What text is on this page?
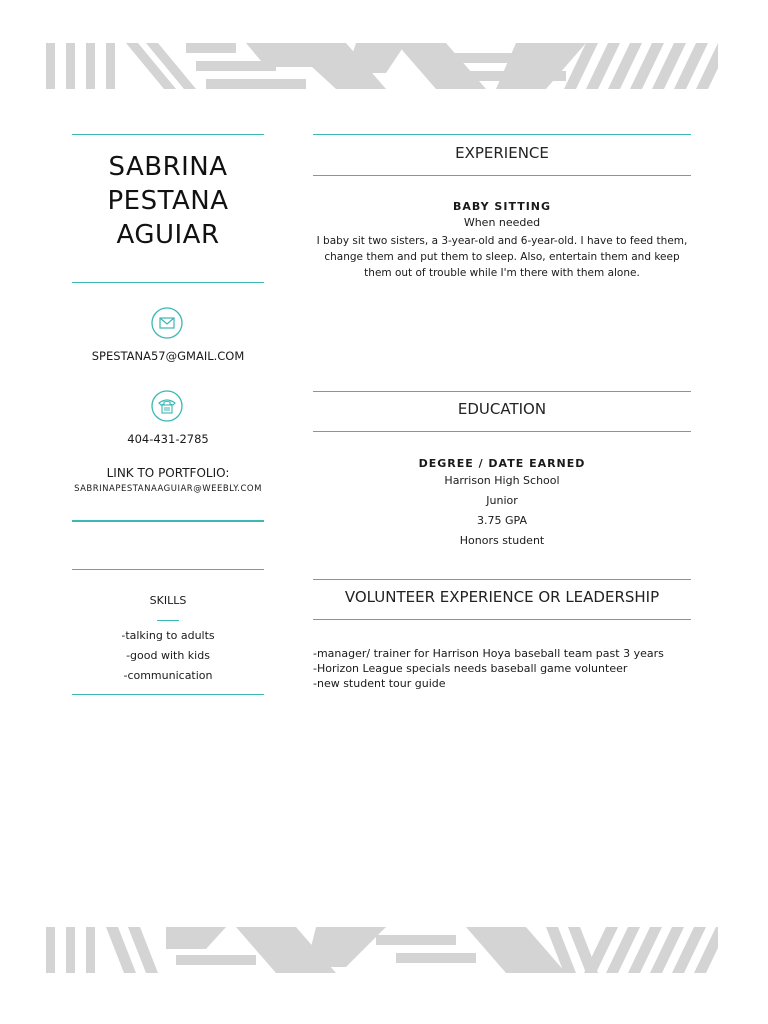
SABRINA
PESTANA
AGUIAR
SPESTANA57@GMAIL.COM
404-431-2785
LINK TO PORTFOLIO:
SABRINAPESTANAAGUIAR@WEEBLY.COM
SKILLS
-talking to adults
-good with kids
-communication
EXPERIENCE
BABY SITTING
When needed
I baby sit two sisters, a 3-year-old and 6-year-old. I have to feed them, change them and put them to sleep. Also, entertain them and keep them out of trouble while I'm there with them alone.
EDUCATION
DEGREE / DATE EARNED
Harrison High School
Junior
3.75 GPA
Honors student
VOLUNTEER EXPERIENCE OR LEADERSHIP
-manager/ trainer for Harrison Hoya baseball team past 3 years
-Horizon League specials needs baseball game volunteer
-new student tour guide
